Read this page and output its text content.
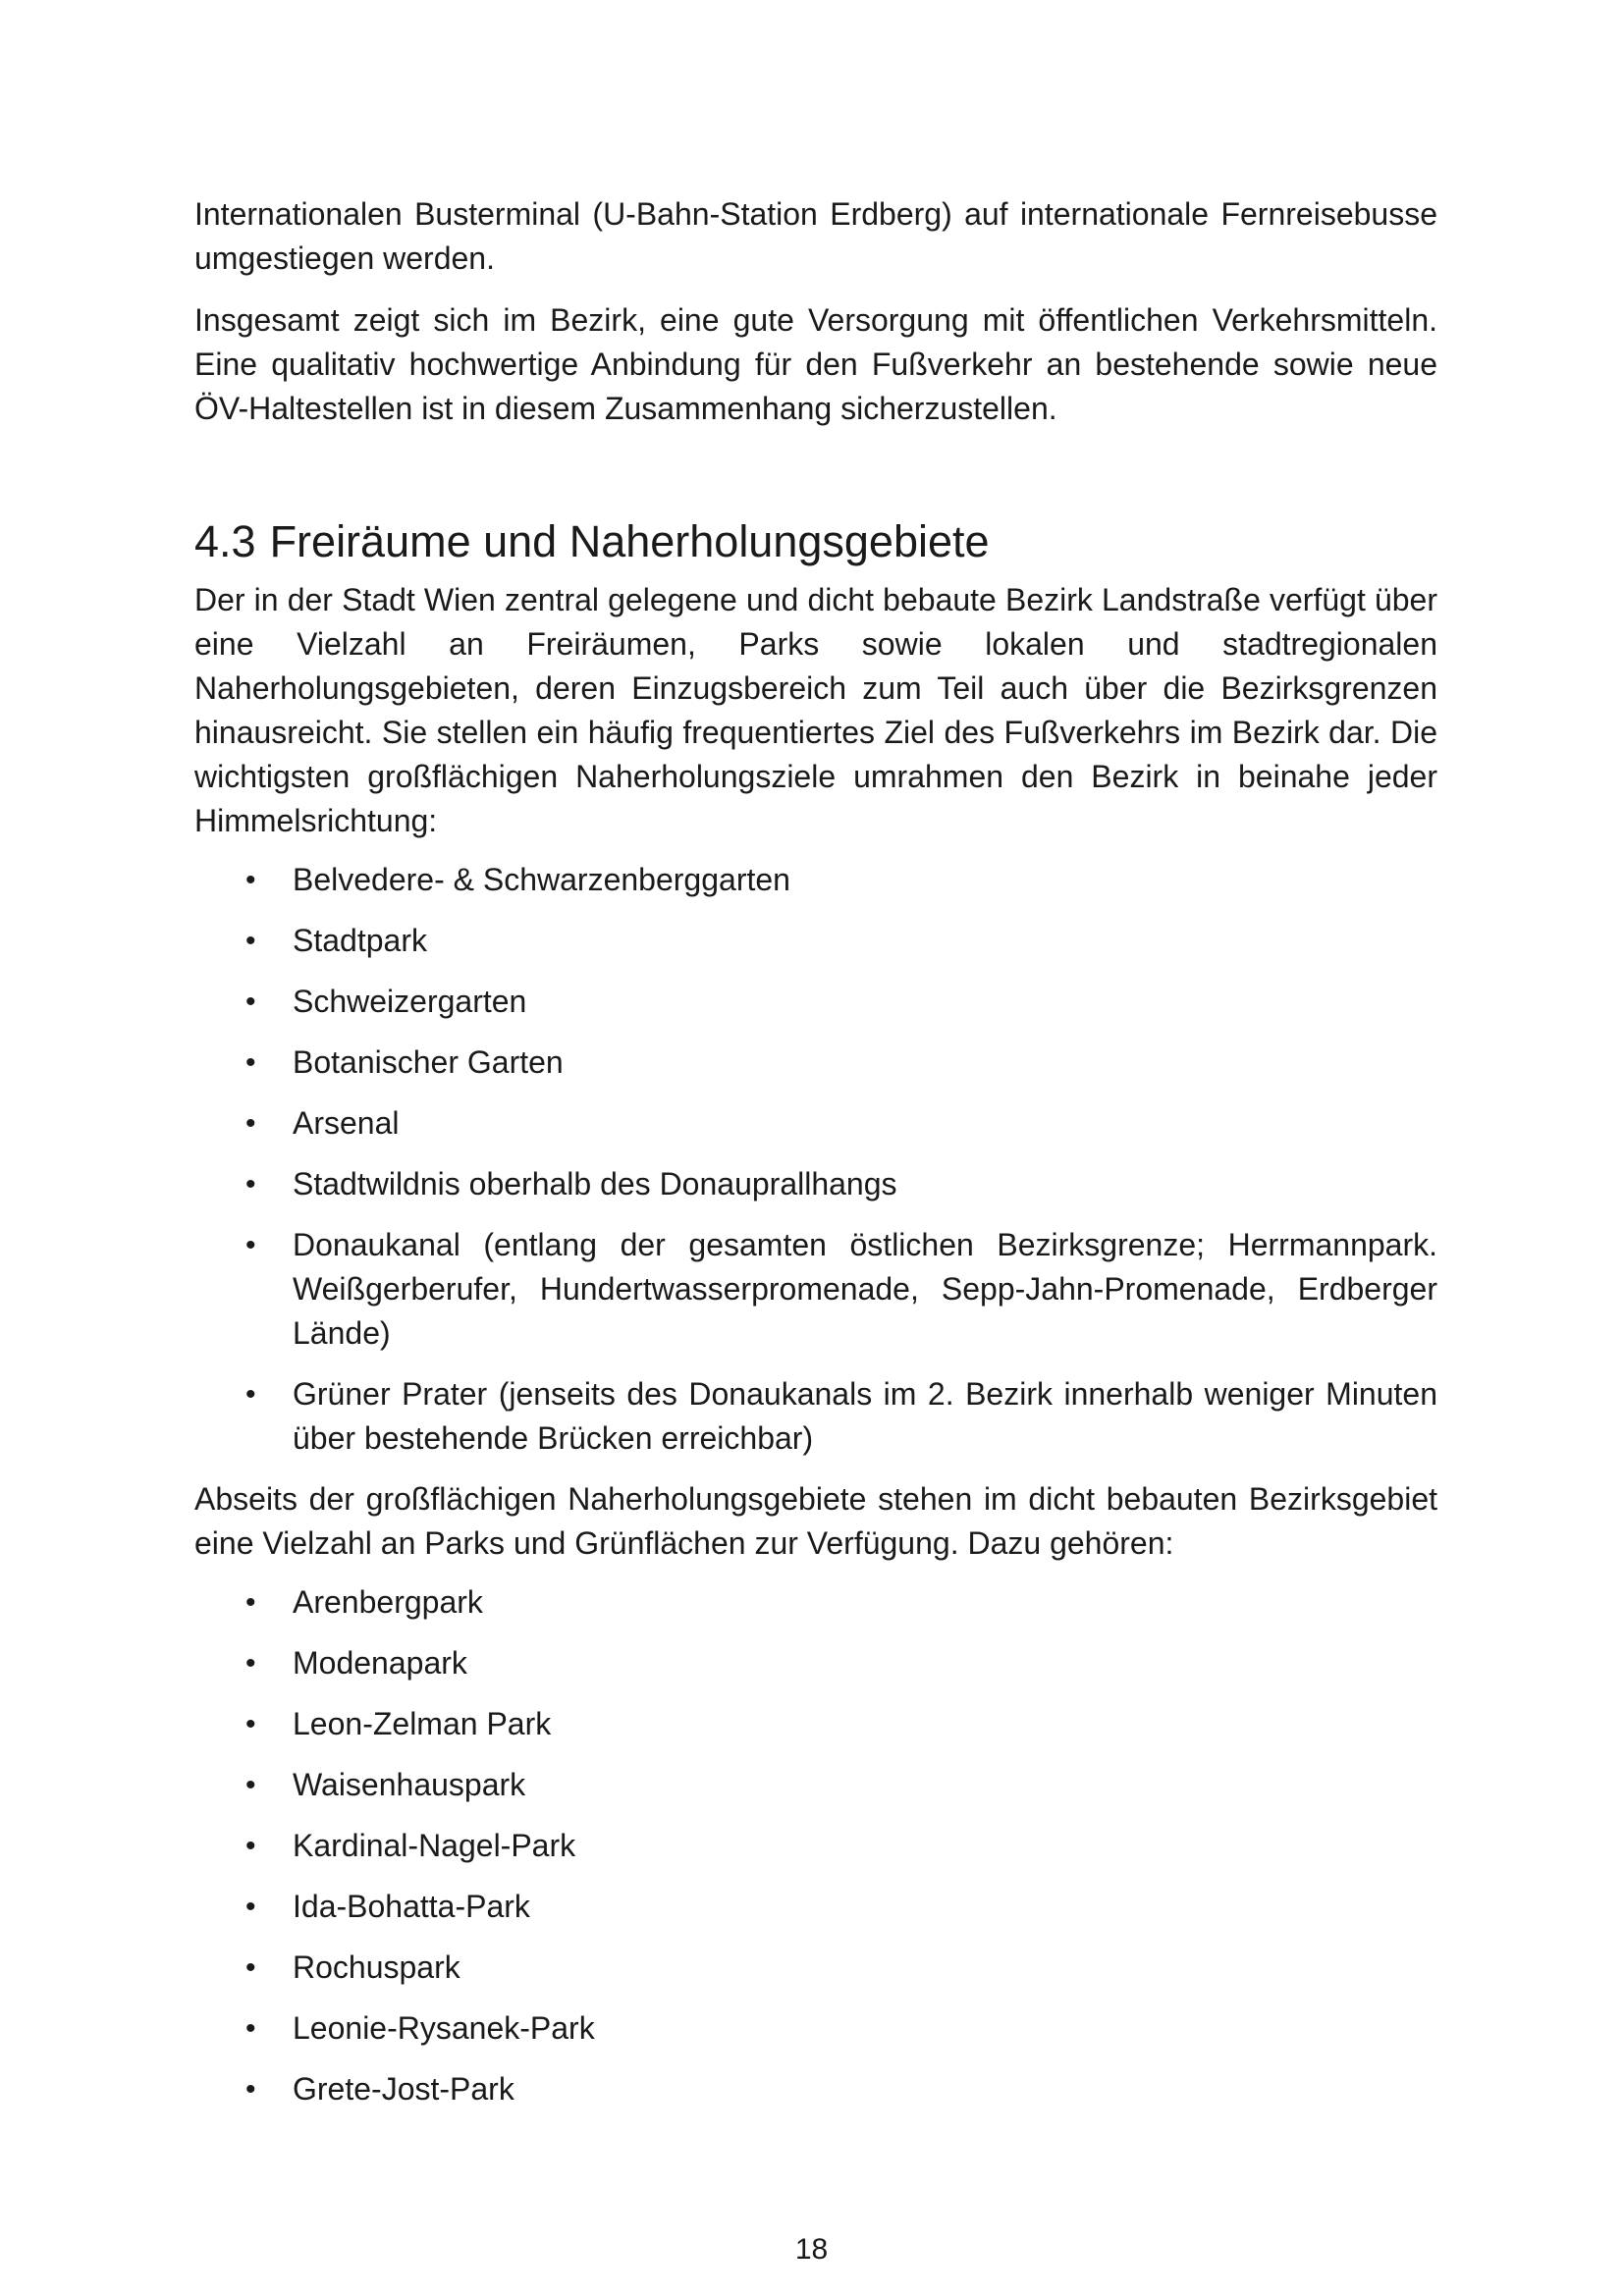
Internationalen Busterminal (U-Bahn-Station Erdberg) auf internationale Fernreisebusse umgestiegen werden.

Insgesamt zeigt sich im Bezirk, eine gute Versorgung mit öffentlichen Verkehrsmitteln. Eine qualitativ hochwertige Anbindung für den Fußverkehr an bestehende sowie neue ÖV-Haltestellen ist in diesem Zusammenhang sicherzustellen.

4.3 Freiräume und Naherholungsgebiete

Der in der Stadt Wien zentral gelegene und dicht bebaute Bezirk Landstraße verfügt über eine Vielzahl an Freiräumen, Parks sowie lokalen und stadtregionalen Naherholungsgebieten, deren Einzugsbereich zum Teil auch über die Bezirksgrenzen hinausreicht. Sie stellen ein häufig frequentiertes Ziel des Fußverkehrs im Bezirk dar. Die wichtigsten großflächigen Naherholungsziele umrahmen den Bezirk in beinahe jeder Himmelsrichtung:

• Belvedere- & Schwarzenberggarten
• Stadtpark
• Schweizergarten
• Botanischer Garten
• Arsenal
• Stadtwildnis oberhalb des Donauprallhangs
• Donaukanal (entlang der gesamten östlichen Bezirksgrenze; Herrmannpark. Weißgerberufer, Hundertwasserpromenade, Sepp-Jahn-Promenade, Erdberger Lände)
• Grüner Prater (jenseits des Donaukanals im 2. Bezirk innerhalb weniger Minuten über bestehende Brücken erreichbar)

Abseits der großflächigen Naherholungsgebiete stehen im dicht bebauten Bezirksgebiet eine Vielzahl an Parks und Grünflächen zur Verfügung. Dazu gehören:

• Arenbergpark
• Modenapark
• Leon-Zelman Park
• Waisenhauspark
• Kardinal-Nagel-Park
• Ida-Bohatta-Park
• Rochuspark
• Leonie-Rysanek-Park
• Grete-Jost-Park
18
